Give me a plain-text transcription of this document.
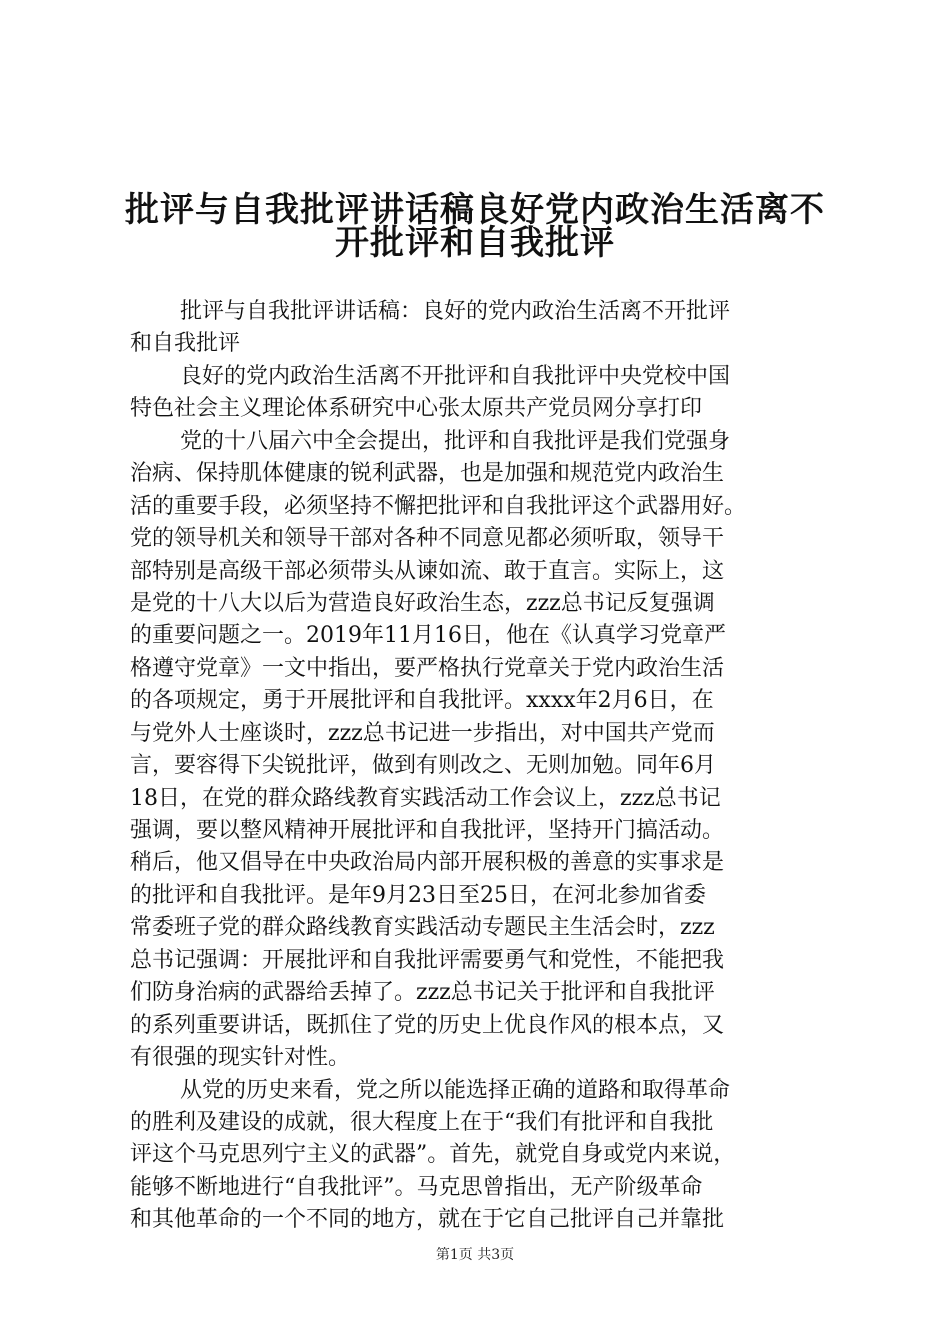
批评与自我批评讲话稿良好党内政治生活离不
开批评和自我批评
批评与自我批评讲话稿：良好的党内政治生活离不开批评
和自我批评
良好的党内政治生活离不开批评和自我批评中央党校中国
特色社会主义理论体系研究中心张太原共产党员网分享打印
党的十八届六中全会提出，批评和自我批评是我们党强身
治病、保持肌体健康的锐利武器，也是加强和规范党内政治生
活的重要手段，必须坚持不懈把批评和自我批评这个武器用好。
党的领导机关和领导干部对各种不同意见都必须听取，领导干
部特别是高级干部必须带头从谏如流、敢于直言。实际上，这
是党的十八大以后为营造良好政治生态，zzz总书记反复强调
的重要问题之一。2019年11月16日，他在《认真学习党章严
格遵守党章》一文中指出，要严格执行党章关于党内政治生活
的各项规定，勇于开展批评和自我批评。xxxx年2月6日，在
与党外人士座谈时，zzz总书记进一步指出，对中国共产党而
言，要容得下尖锐批评，做到有则改之、无则加勉。同年6月
18日，在党的群众路线教育实践活动工作会议上，zzz总书记
强调，要以整风精神开展批评和自我批评，坚持开门搞活动。
稍后，他又倡导在中央政治局内部开展积极的善意的实事求是
的批评和自我批评。是年9月23日至25日，在河北参加省委
常委班子党的群众路线教育实践活动专题民主生活会时，zzz
总书记强调：开展批评和自我批评需要勇气和党性，不能把我
们防身治病的武器给丢掉了。zzz总书记关于批评和自我批评
的系列重要讲话，既抓住了党的历史上优良作风的根本点，又
有很强的现实针对性。
从党的历史来看，党之所以能选择正确的道路和取得革命
的胜利及建设的成就，很大程度上在于“我们有批评和自我批
评这个马克思列宁主义的武器”。首先，就党自身或党内来说，
能够不断地进行“自我批评”。马克思曾指出，无产阶级革命
和其他革命的一个不同的地方，就在于它自己批评自己并靠批
第1页 共3页
